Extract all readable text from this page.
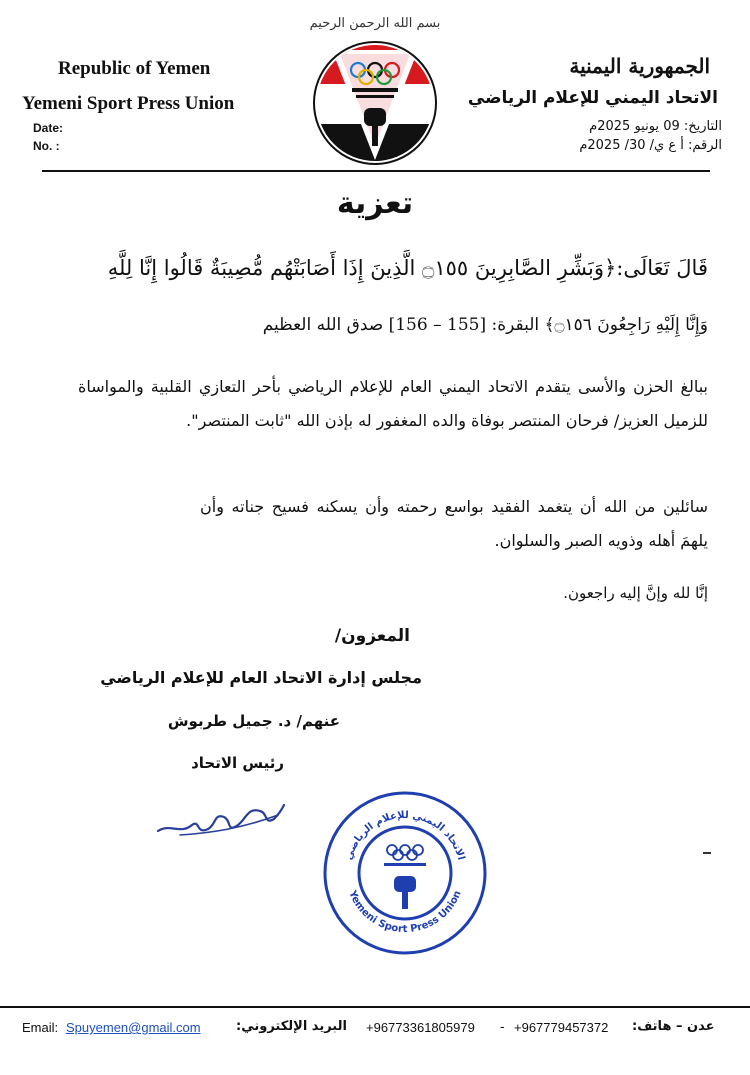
بسم الله الرحمن الرحيم
Republic of Yemen
Yemeni Sport Press Union
Date:
No. :
الجمهورية اليمنية
الاتحاد اليمني للإعلام الرياضي
التاريخ: 09 يونيو 2025م
الرقم: أ ع ي/ 30/ 2025م
تعزية
قَالَ تَعَالَى:﴿وَبَشِّرِ الصَّابِرِينَ ۝١٥٥ الَّذِينَ إِذَا أَصَابَتْهُم مُّصِيبَةٌ قَالُوا إِنَّا لِلَّهِ
وَإِنَّا إِلَيْهِ رَاجِعُونَ ۝١٥٦﴾ البقرة: [155 – 156] صدق الله العظيم
ببالغ الحزن والأسى يتقدم الاتحاد اليمني العام للإعلام الرياضي بأحر التعازي القلبية والمواساة للزميل العزيز/ فرحان المنتصر بوفاة والده المغفور له بإذن الله "ثابت المنتصر".
سائلين من الله أن يتغمد الفقيد بواسع رحمته وأن يسكنه فسيح جناته وأن يلهمَ أهله وذويه الصبر والسلوان.
إنَّا لله وإنَّ إليه راجعون.
المعزون/
مجلس إدارة الاتحاد العام للإعلام الرياضي
عنهم/ د. جميل طربوش
رئيس الاتحاد
الاتحاد اليمني للإعلام الرياضي
Yemeni Sport Press Union
Email: Spuyemen@gmail.com	البريد الإلكتروني: +96773361805979 - +967779457372 عدن – هاتف:
